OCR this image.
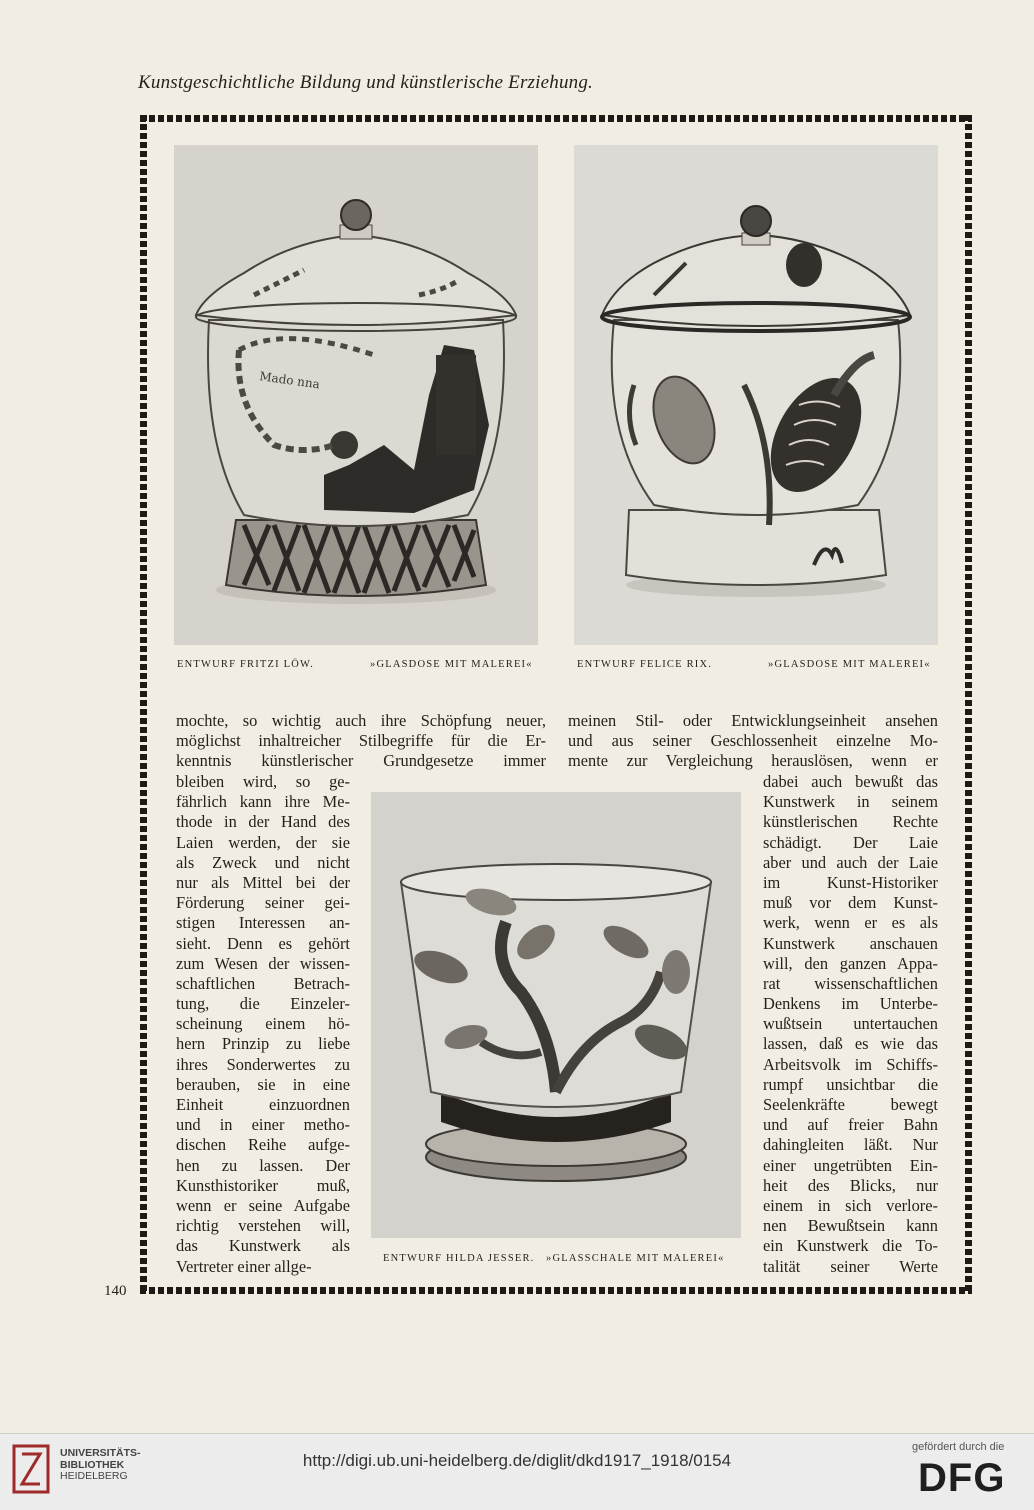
Kunstgeschichtliche Bildung und künstlerische Erziehung.
Mado nna
ENTWURF FRITZI LÖW.	»GLASDOSE MIT MALEREI«	ENTWURF FELICE RIX.	»GLASDOSE MIT MALEREI«
mochte, so wichtig auch ihre Schöpfung neuer,
möglichst inhaltreicher Stilbegriffe für die Er-
kenntnis künstlerischer Grundgesetze immer
meinen Stil- oder Entwicklungseinheit ansehen
und aus seiner Geschlossenheit einzelne Mo-
mente zur Vergleichung herauslösen, wenn er
bleiben wird, so ge-
fährlich kann ihre Me-
thode in der Hand des
Laien werden, der sie
als Zweck und nicht
nur als Mittel bei der
Förderung seiner gei-
stigen Interessen an-
sieht. Denn es gehört
zum Wesen der wissen-
schaftlichen Betrach-
tung, die Einzeler-
scheinung einem hö-
hern Prinzip zu liebe
ihres Sonderwertes zu
berauben, sie in eine
Einheit einzuordnen
und in einer metho-
dischen Reihe aufge-
hen zu lassen. Der
Kunsthistoriker muß,
wenn er seine Aufgabe
richtig verstehen will,
das Kunstwerk als
Vertreter einer allge-	ENTWURF HILDA JESSER. »GLASSCHALE MIT MALEREI«
dabei auch bewußt das
Kunstwerk in seinem
künstlerischen Rechte
schädigt. Der Laie
aber und auch der Laie
im Kunst-Historiker
muß vor dem Kunst-
werk, wenn er es als
Kunstwerk anschauen
will, den ganzen Appa-
rat wissenschaftlichen
Denkens im Unterbe-
wußtsein untertauchen
lassen, daß es wie das
Arbeitsvolk im Schiffs-
rumpf unsichtbar die
Seelenkräfte bewegt
und auf freier Bahn
dahingleiten läßt. Nur
einer ungetrübten Ein-
heit des Blicks, nur
einem in sich verlore-
nen Bewußtsein kann
ein Kunstwerk die To-
talität seiner Werte
140
UNIVERSITÄTS-
BIBLIOTHEK
HEIDELBERG
http://digi.ub.uni-heidelberg.de/diglit/dkd1917_1918/0154
gefördert durch die
DFG
